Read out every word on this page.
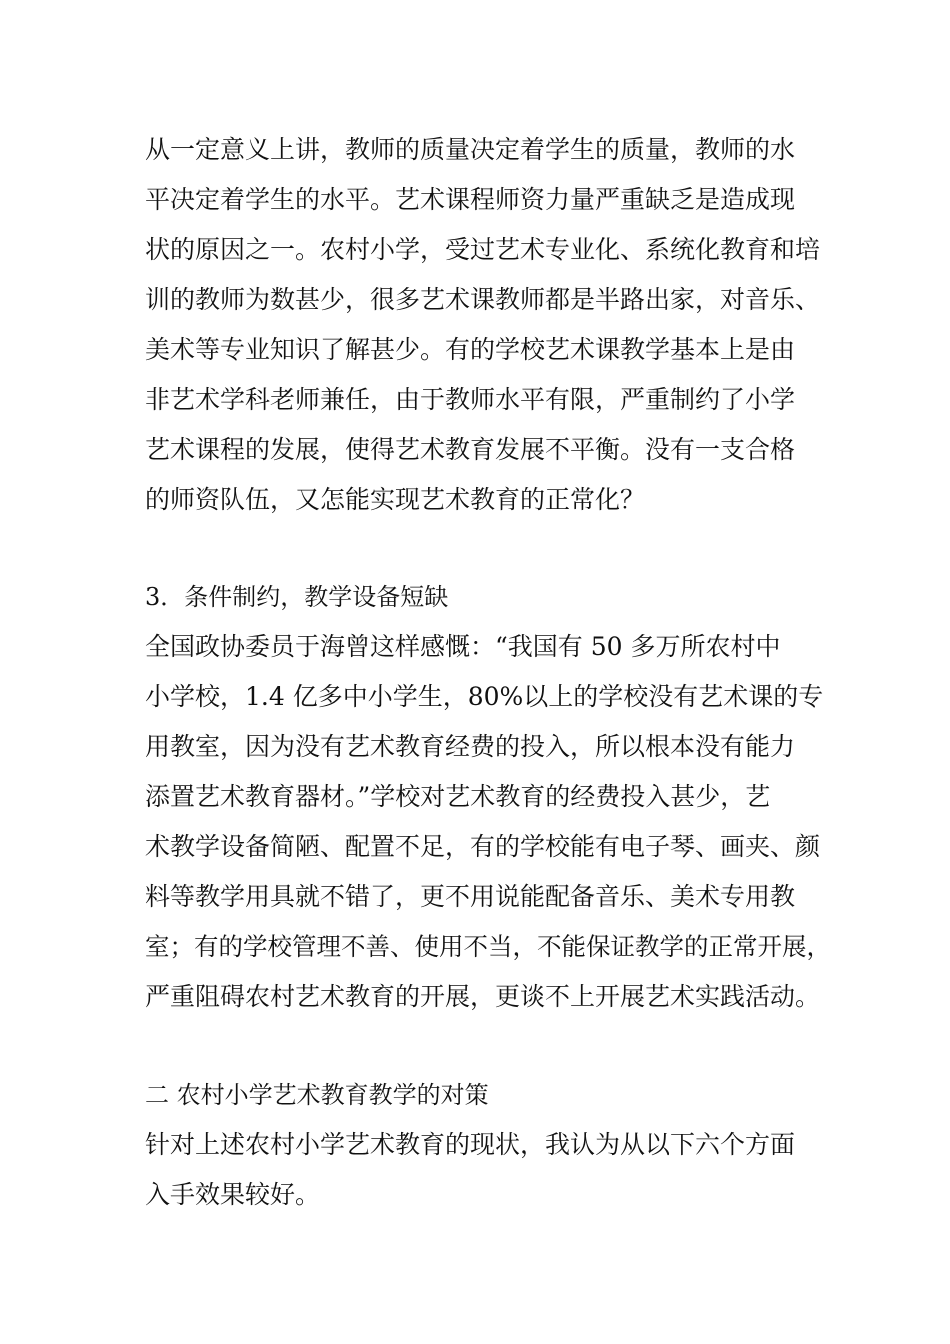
从一定意义上讲，教师的质量决定着学生的质量，教师的水
平决定着学生的水平。艺术课程师资力量严重缺乏是造成现
状的原因之一。农村小学，受过艺术专业化、系统化教育和培
训的教师为数甚少，很多艺术课教师都是半路出家，对音乐、
美术等专业知识了解甚少。有的学校艺术课教学基本上是由
非艺术学科老师兼任，由于教师水平有限，严重制约了小学
艺术课程的发展，使得艺术教育发展不平衡。没有一支合格
的师资队伍，又怎能实现艺术教育的正常化？
3．条件制约，教学设备短缺
全国政协委员于海曾这样感慨：“我国有 50 多万所农村中
小学校，1.4 亿多中小学生，80%以上的学校没有艺术课的专
用教室，因为没有艺术教育经费的投入，所以根本没有能力
添置艺术教育器材。”学校对艺术教育的经费投入甚少，艺
术教学设备简陋、配置不足，有的学校能有电子琴、画夹、颜
料等教学用具就不错了，更不用说能配备音乐、美术专用教
室；有的学校管理不善、使用不当，不能保证教学的正常开展，
严重阻碍农村艺术教育的开展，更谈不上开展艺术实践活动。
二 农村小学艺术教育教学的对策
针对上述农村小学艺术教育的现状，我认为从以下六个方面
入手效果较好。
